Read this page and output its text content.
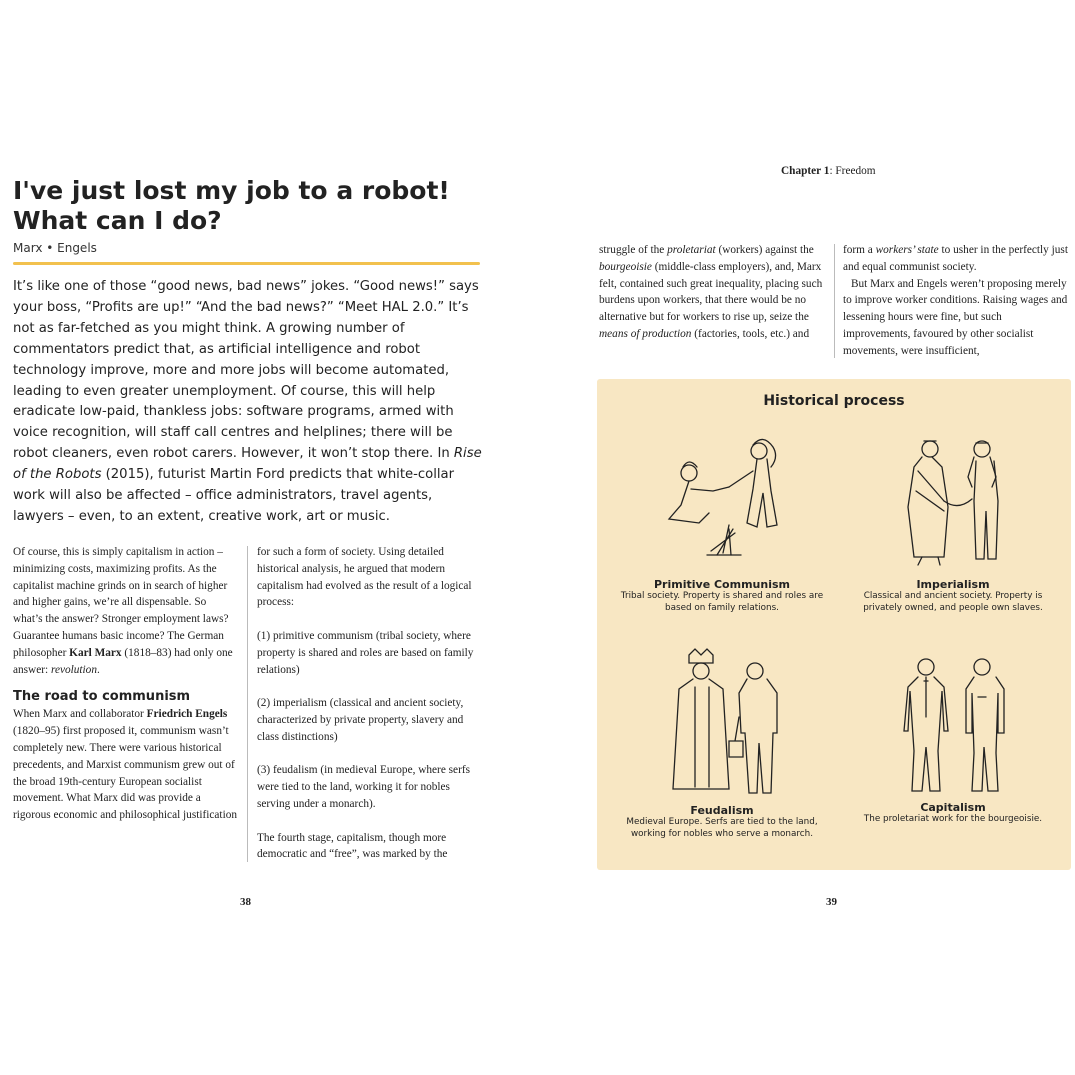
I've just lost my job to a robot!
What can I do?
Marx • Engels

It’s like one of those “good news, bad news” jokes. “Good news!” says your boss, “Profits are up!” “And the bad news?” “Meet HAL 2.0.” It’s not as far-fetched as you might think. A growing number of commentators predict that, as artificial intelligence and robot technology improve, more and more jobs will become automated, leading to even greater unemployment. Of course, this will help eradicate low-paid, thankless jobs: software programs, armed with voice recognition, will staff call centres and helplines; there will be robot cleaners, even robot carers. However, it won’t stop there. In Rise of the Robots (2015), futurist Martin Ford predicts that white-collar work will also be affected – office administrators, travel agents, lawyers – even, to an extent, creative work, art or music.

Of course, this is simply capitalism in action – minimizing costs, maximizing profits. As the capitalist machine grinds on in search of higher and higher gains, we’re all dispensable. So what’s the answer? Stronger employment laws? Guarantee humans basic income? The German philosopher Karl Marx (1818–83) had only one answer: revolution.

The road to communism

When Marx and collaborator Friedrich Engels (1820–95) first proposed it, communism wasn’t completely new. There were various historical precedents, and Marxist communism grew out of the broad 19th-century European socialist movement. What Marx did was provide a rigorous economic and philosophical justification

for such a form of society. Using detailed historical analysis, he argued that modern capitalism had evolved as the result of a logical process:

(1) primitive communism (tribal society, where property is shared and roles are based on family relations)

(2) imperialism (classical and ancient society, characterized by private property, slavery and class distinctions)

(3) feudalism (in medieval Europe, where serfs were tied to the land, working it for nobles serving under a monarch).

The fourth stage, capitalism, though more democratic and “free”, was marked by the

38
Chapter 1: Freedom

struggle of the proletariat (workers) against the bourgeoisie (middle-class employers), and, Marx felt, contained such great inequality, placing such burdens upon workers, that there would be no alternative but for workers to rise up, seize the means of production (factories, tools, etc.) and

form a workers’ state to usher in the perfectly just and equal communist society.

But Marx and Engels weren’t proposing merely to improve worker conditions. Raising wages and lessening hours were fine, but such improvements, favoured by other socialist movements, were insufficient,

Historical process
Primitive Communism
Tribal society. Property is shared and roles are based on family relations.
Imperialism
Classical and ancient society. Property is privately owned, and people own slaves.
Feudalism
Medieval Europe. Serfs are tied to the land, working for nobles who serve a monarch.
Capitalism
The proletariat work for the bourgeoisie.
39
